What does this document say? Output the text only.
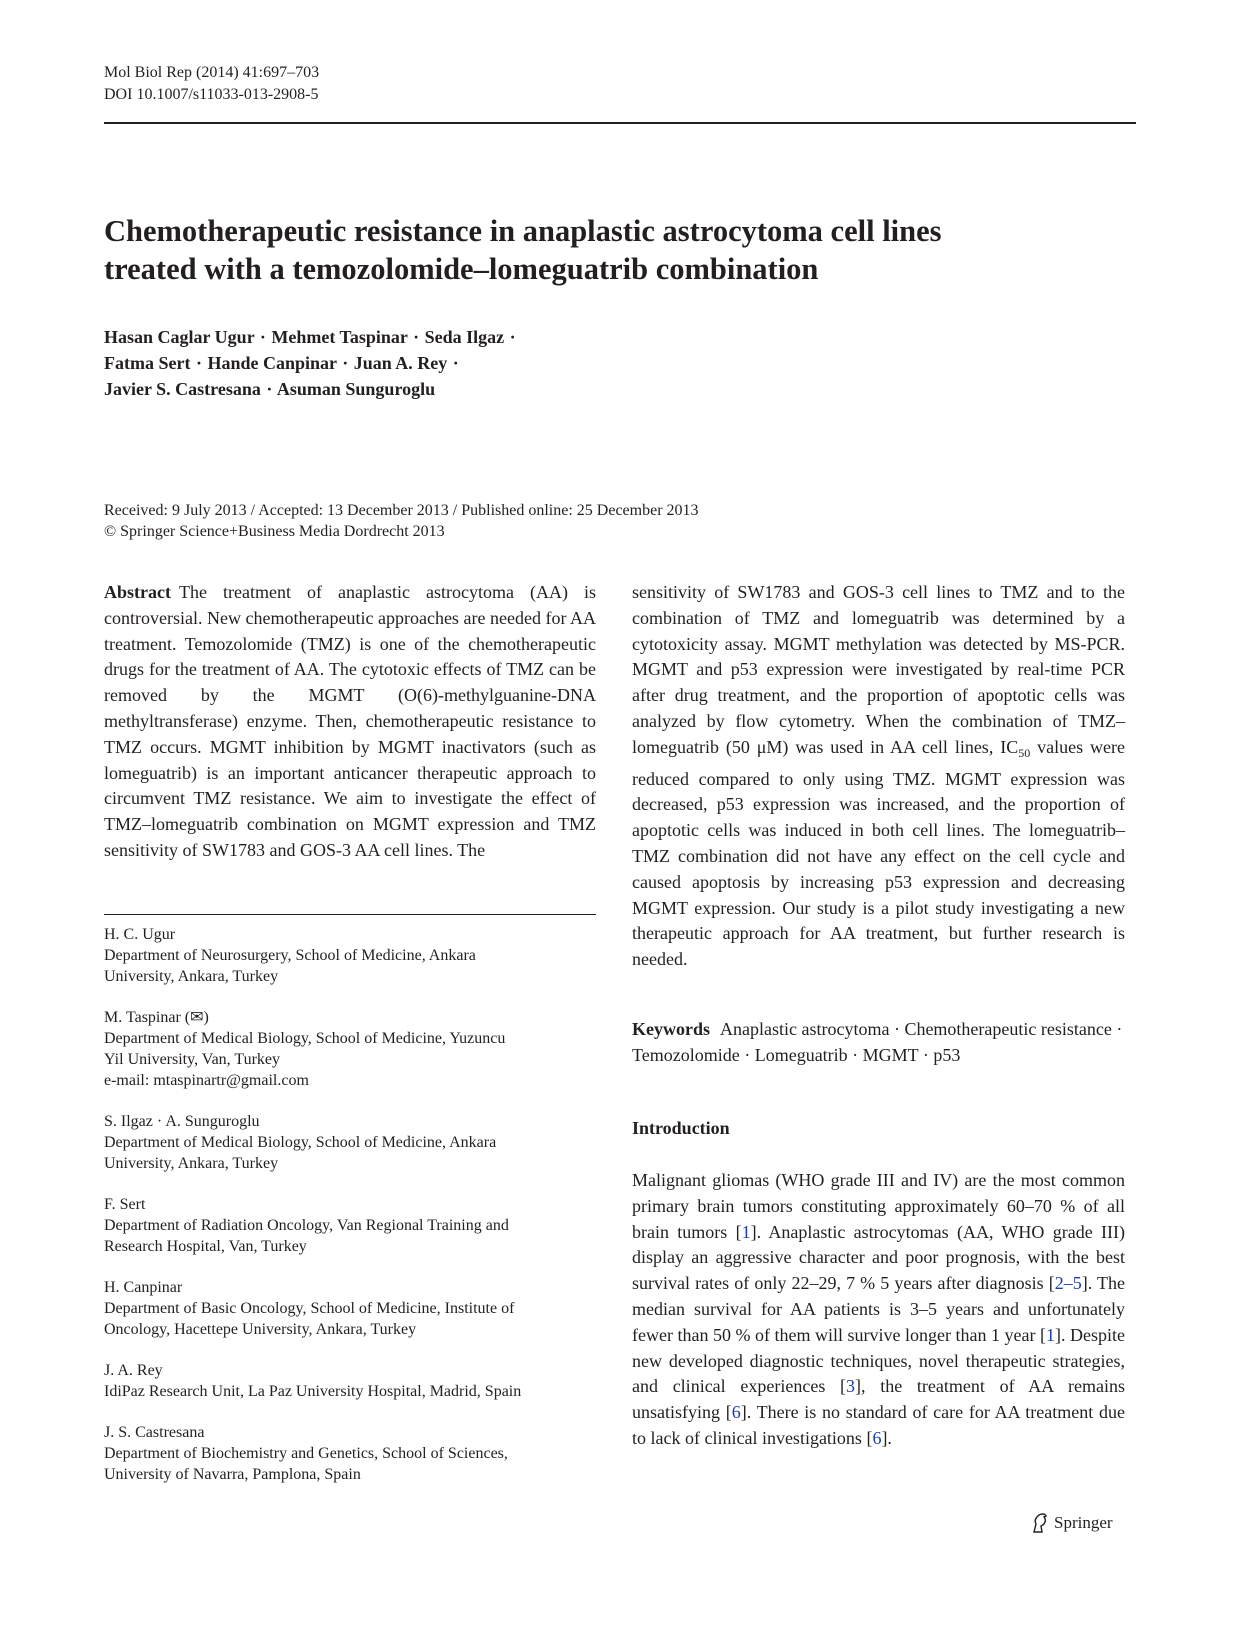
Mol Biol Rep (2014) 41:697–703
DOI 10.1007/s11033-013-2908-5
Chemotherapeutic resistance in anaplastic astrocytoma cell lines
treated with a temozolomide–lomeguatrib combination
Hasan Caglar Ugur · Mehmet Taspinar · Seda Ilgaz ·
Fatma Sert · Hande Canpinar · Juan A. Rey ·
Javier S. Castresana · Asuman Sunguroglu
Received: 9 July 2013 / Accepted: 13 December 2013 / Published online: 25 December 2013
© Springer Science+Business Media Dordrecht 2013
Abstract The treatment of anaplastic astrocytoma (AA) is controversial. New chemotherapeutic approaches are needed for AA treatment. Temozolomide (TMZ) is one of the chemotherapeutic drugs for the treatment of AA. The cytotoxic effects of TMZ can be removed by the MGMT (O(6)-methylguanine-DNA methyltransferase) enzyme. Then, chemotherapeutic resistance to TMZ occurs. MGMT inhibition by MGMT inactivators (such as lomeguatrib) is an important anticancer therapeutic approach to circumvent TMZ resistance. We aim to investigate the effect of TMZ–lomeguatrib combination on MGMT expression and TMZ sensitivity of SW1783 and GOS-3 AA cell lines. The
H. C. Ugur
Department of Neurosurgery, School of Medicine, Ankara
University, Ankara, Turkey
M. Taspinar (✉)
Department of Medical Biology, School of Medicine, Yuzuncu
Yil University, Van, Turkey
e-mail: mtaspinartr@gmail.com
S. Ilgaz · A. Sunguroglu
Department of Medical Biology, School of Medicine, Ankara
University, Ankara, Turkey
F. Sert
Department of Radiation Oncology, Van Regional Training and
Research Hospital, Van, Turkey
H. Canpinar
Department of Basic Oncology, School of Medicine, Institute of
Oncology, Hacettepe University, Ankara, Turkey
J. A. Rey
IdiPaz Research Unit, La Paz University Hospital, Madrid, Spain
J. S. Castresana
Department of Biochemistry and Genetics, School of Sciences,
University of Navarra, Pamplona, Spain
sensitivity of SW1783 and GOS-3 cell lines to TMZ and to the combination of TMZ and lomeguatrib was determined by a cytotoxicity assay. MGMT methylation was detected by MS-PCR. MGMT and p53 expression were investigated by real-time PCR after drug treatment, and the proportion of apoptotic cells was analyzed by flow cytometry. When the combination of TMZ–lomeguatrib (50 μM) was used in AA cell lines, $IC_{50}$ values were reduced compared to only using TMZ. MGMT expression was decreased, p53 expression was increased, and the proportion of apoptotic cells was induced in both cell lines. The lomeguatrib–TMZ combination did not have any effect on the cell cycle and caused apoptosis by increasing p53 expression and decreasing MGMT expression. Our study is a pilot study investigating a new therapeutic approach for AA treatment, but further research is needed.
Keywords Anaplastic astrocytoma · Chemotherapeutic resistance · Temozolomide · Lomeguatrib · MGMT · p53
Introduction
Malignant gliomas (WHO grade III and IV) are the most common primary brain tumors constituting approximately 60–70 % of all brain tumors [1]. Anaplastic astrocytomas (AA, WHO grade III) display an aggressive character and poor prognosis, with the best survival rates of only 22–29, 7 % 5 years after diagnosis [2–5]. The median survival for AA patients is 3–5 years and unfortunately fewer than 50 % of them will survive longer than 1 year [1]. Despite new developed diagnostic techniques, novel therapeutic strategies, and clinical experiences [3], the treatment of AA remains unsatisfying [6]. There is no standard of care for AA treatment due to lack of clinical investigations [6].
Springer
